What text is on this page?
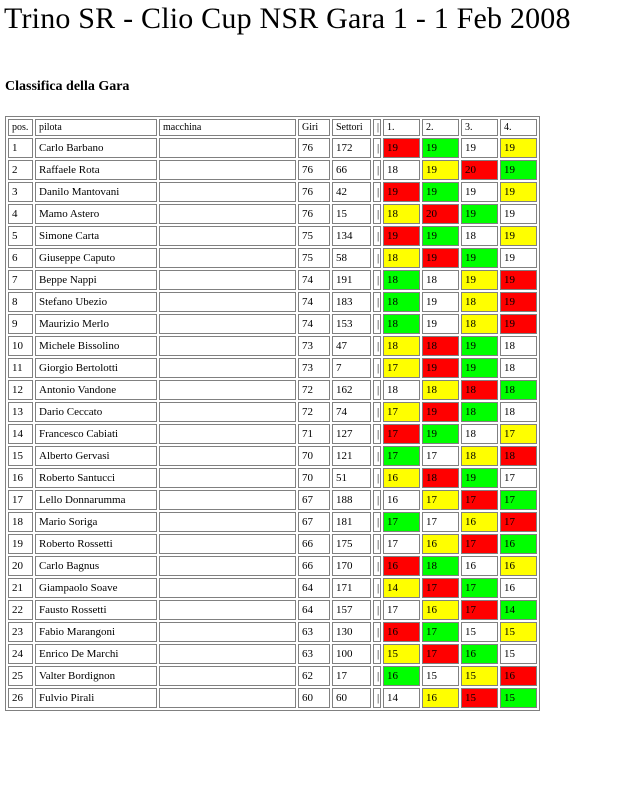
Trino SR - Clio Cup NSR Gara 1 - 1 Feb 2008
Classifica della Gara
pos.	pilota	macchina	Giri	Settori	|	1.	2.	3.	4.
1	Carlo Barbano		76	172	|	19	19	19	19
2	Raffaele Rota		76	66	|	18	19	20	19
3	Danilo Mantovani		76	42	|	19	19	19	19
4	Mamo Astero		76	15	|	18	20	19	19
5	Simone Carta		75	134	|	19	19	18	19
6	Giuseppe Caputo		75	58	|	18	19	19	19
7	Beppe Nappi		74	191	|	18	18	19	19
8	Stefano Ubezio		74	183	|	18	19	18	19
9	Maurizio Merlo		74	153	|	18	19	18	19
10	Michele Bissolino		73	47	|	18	18	19	18
11	Giorgio Bertolotti		73	7	|	17	19	19	18
12	Antonio Vandone		72	162	|	18	18	18	18
13	Dario Ceccato		72	74	|	17	19	18	18
14	Francesco Cabiati		71	127	|	17	19	18	17
15	Alberto Gervasi		70	121	|	17	17	18	18
16	Roberto Santucci		70	51	|	16	18	19	17
17	Lello Donnarumma		67	188	|	16	17	17	17
18	Mario Soriga		67	181	|	17	17	16	17
19	Roberto Rossetti		66	175	|	17	16	17	16
20	Carlo Bagnus		66	170	|	16	18	16	16
21	Giampaolo Soave		64	171	|	14	17	17	16
22	Fausto Rossetti		64	157	|	17	16	17	14
23	Fabio Marangoni		63	130	|	16	17	15	15
24	Enrico De Marchi		63	100	|	15	17	16	15
25	Valter Bordignon		62	17	|	16	15	15	16
26	Fulvio Pirali		60	60	|	14	16	15	15
